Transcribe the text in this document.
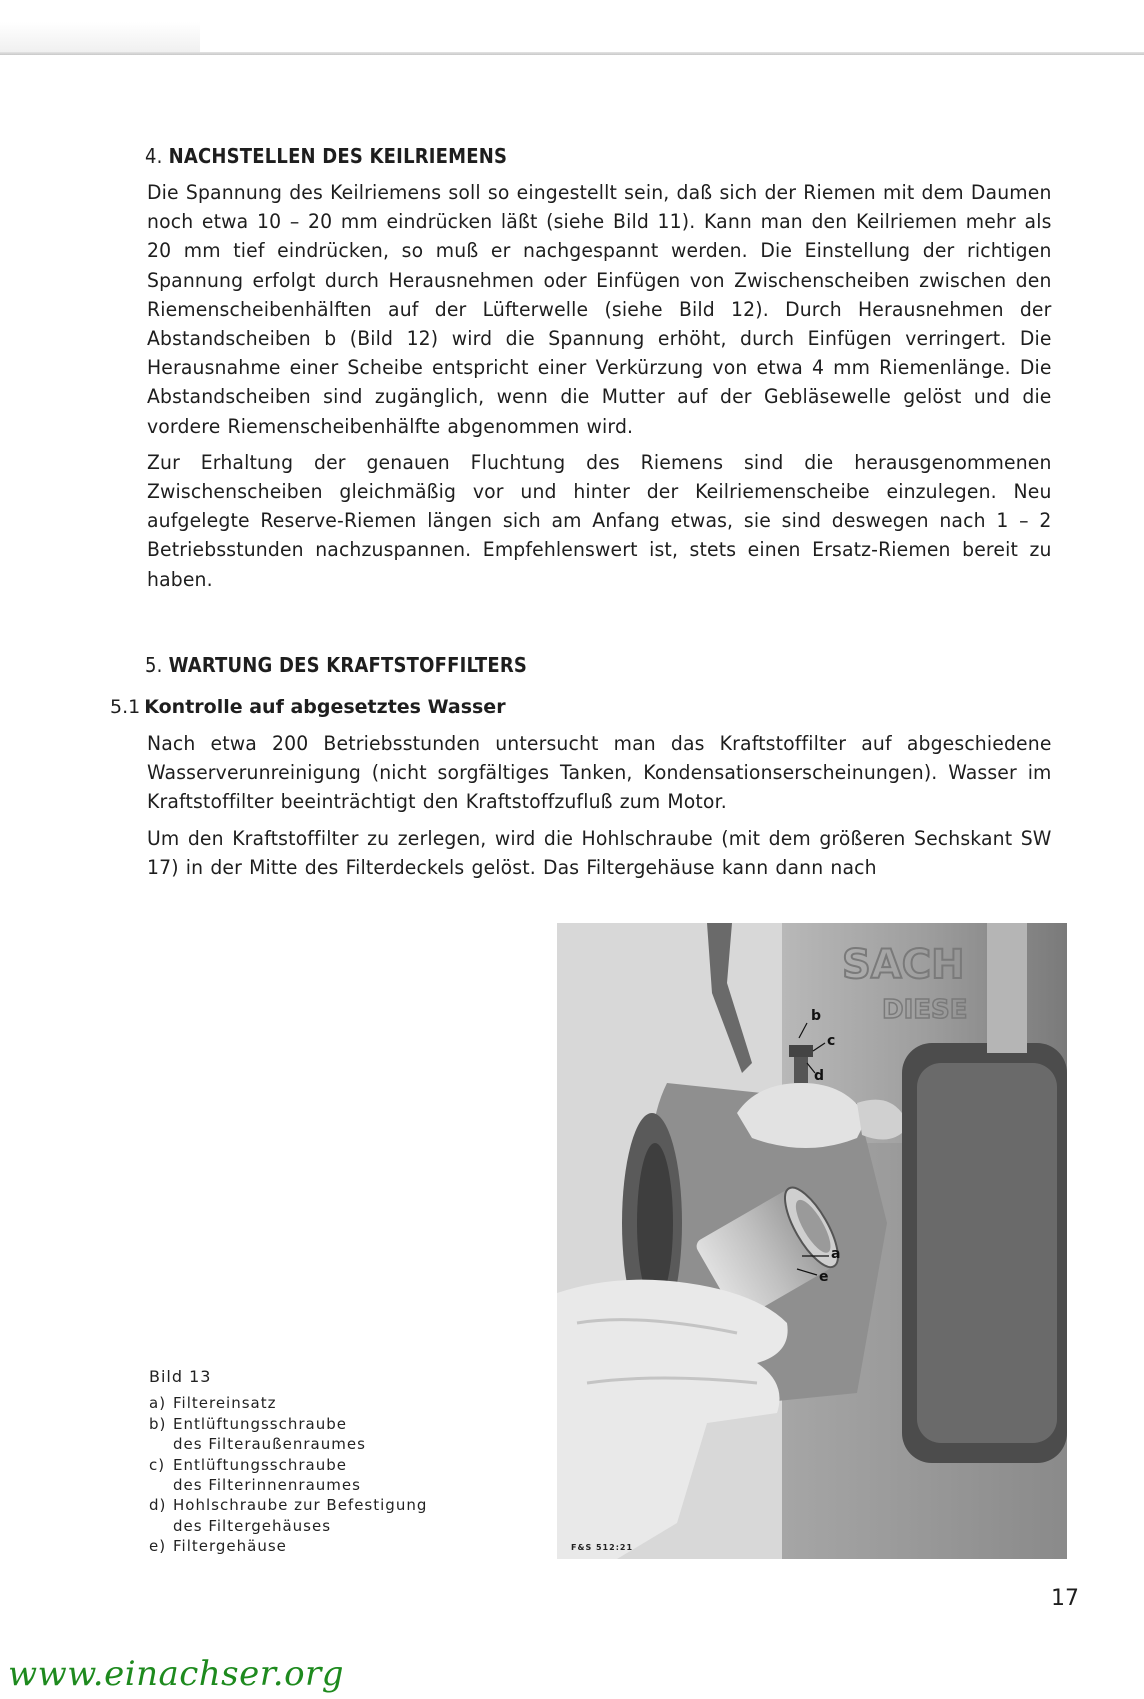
4. NACHSTELLEN DES KEILRIEMENS

Die Spannung des Keilriemens soll so eingestellt sein, daß sich der Riemen mit dem Daumen noch etwa 10 – 20 mm eindrücken läßt (siehe Bild 11). Kann man den Keilriemen mehr als 20 mm tief eindrücken, so muß er nachgespannt werden. Die Einstellung der richtigen Spannung erfolgt durch Herausnehmen oder Einfügen von Zwischenscheiben zwischen den Riemenscheibenhälften auf der Lüfterwelle (siehe Bild 12). Durch Herausnehmen der Abstandscheiben b (Bild 12) wird die Spannung erhöht, durch Einfügen verringert. Die Herausnahme einer Scheibe entspricht einer Verkürzung von etwa 4 mm Riemenlänge. Die Abstandscheiben sind zugänglich, wenn die Mutter auf der Gebläsewelle gelöst und die vordere Riemenscheibenhälfte abgenommen wird.

Zur Erhaltung der genauen Fluchtung des Riemens sind die herausgenommenen Zwischenscheiben gleichmäßig vor und hinter der Keilriemenscheibe einzulegen. Neu aufgelegte Reserve-Riemen längen sich am Anfang etwas, sie sind deswegen nach 1 – 2 Betriebsstunden nachzuspannen. Empfehlenswert ist, stets einen Ersatz-Riemen bereit zu haben.

5. WARTUNG DES KRAFTSTOFFILTERS
5.1 Kontrolle auf abgesetztes Wasser

Nach etwa 200 Betriebsstunden untersucht man das Kraftstoffilter auf abgeschiedene Wasserverunreinigung (nicht sorgfältiges Tanken, Kondensationserscheinungen). Wasser im Kraftstoffilter beeinträchtigt den Kraftstoffzufluß zum Motor.

Um den Kraftstoffilter zu zerlegen, wird die Hohlschraube (mit dem größeren Sechskant SW 17) in der Mitte des Filterdeckels gelöst. Das Filtergehäuse kann dann nach

SACH
DIESE
b
c
d
a
e
F&S 512:21
Bild 13
a) Filtereinsatz
b) Entlüftungsschraube
des Filteraußenraumes
c) Entlüftungsschraube
des Filterinnenraumes
d) Hohlschraube zur Befestigung
des Filtergehäuses
e) Filtergehäuse
17
www.einachser.org
